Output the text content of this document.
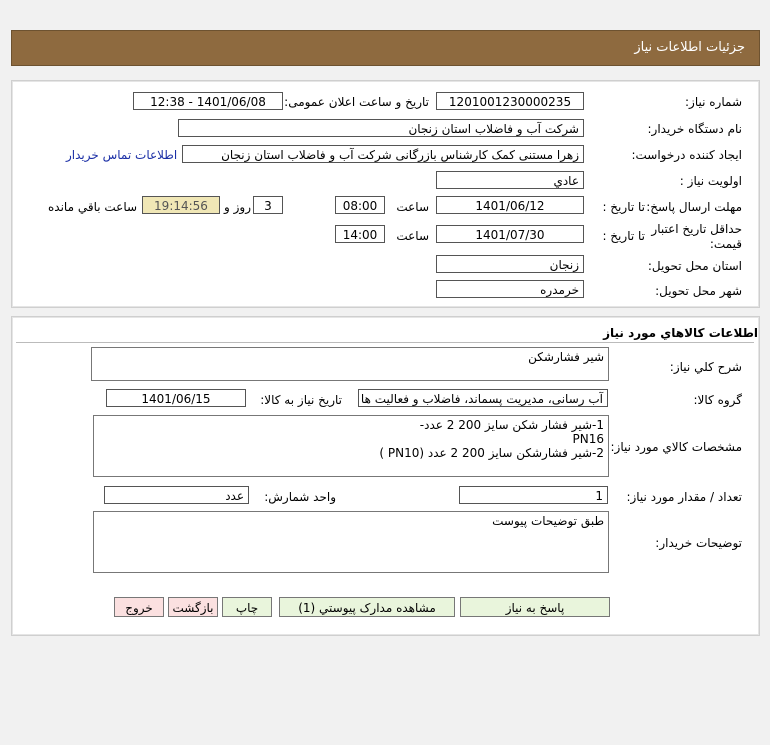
جزئیات اطلاعات نیاز
شماره نیاز:
1201001230000235
تاریخ و ساعت اعلان عمومی:
1401/06/08 - 12:38
نام دستگاه خریدار:
شرکت آب و فاضلاب استان زنجان
ایجاد کننده درخواست:
زهرا مستنی کمک کارشناس بازرگانی شرکت آب و فاضلاب استان زنجان
اطلاعات تماس خریدار
اولویت نیاز :
عادي
مهلت ارسال پاسخ:
تا تاریخ :
1401/06/12
ساعت
08:00
3
روز و
19:14:56
ساعت باقي مانده
حداقل تاریخ اعتبار قیمت:
تا تاریخ :
1401/07/30
ساعت
14:00
استان محل تحویل:
زنجان
شهر محل تحویل:
خرمدره
اطلاعات کالاهاي مورد نیاز
شرح کلي نیاز:
شیر فشارشکن
گروه کالا:
آب رسانی، مدیریت پسماند، فاضلاب و فعالیت ها
تاریخ نیاز به کالا:
1401/06/15
مشخصات کالاي مورد نیاز:
1-شیر فشار شکن سایز 200 2 عدد-
PN16
2-شیر فشارشکن سایز 200 2 عدد (PN10 )
تعداد / مقدار مورد نیاز:
1
واحد شمارش:
عدد
توضیحات خریدار:
طبق توضیحات پیوست
پاسخ به نیاز
مشاهده مدارک پیوستي (1)
چاپ
بازگشت
خروج
